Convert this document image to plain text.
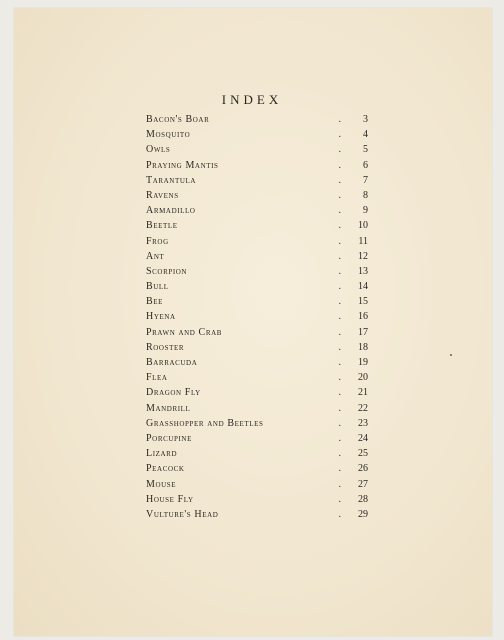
INDEX
Bacon's Boar	.	3
Mosquito	.	4
Owls	.	5
Praying Mantis	.	6
Tarantula	.	7
Ravens	.	8
Armadillo	.	9
Beetle	. 10
Frog	. 11
Ant	. 12
Scorpion	. 13
Bull	. 14
Bee	. 15
Hyena	. 16
Prawn and Crab	. 17
Rooster	. 18
Barracuda	. 19
Flea	. 20
Dragon Fly	. 21
Mandrill	. 22
Grasshopper and Beetles	. 23
Porcupine	. 24
Lizard	. 25
Peacock	. 26
Mouse	. 27
House Fly	. 28
Vulture's Head	. 29
